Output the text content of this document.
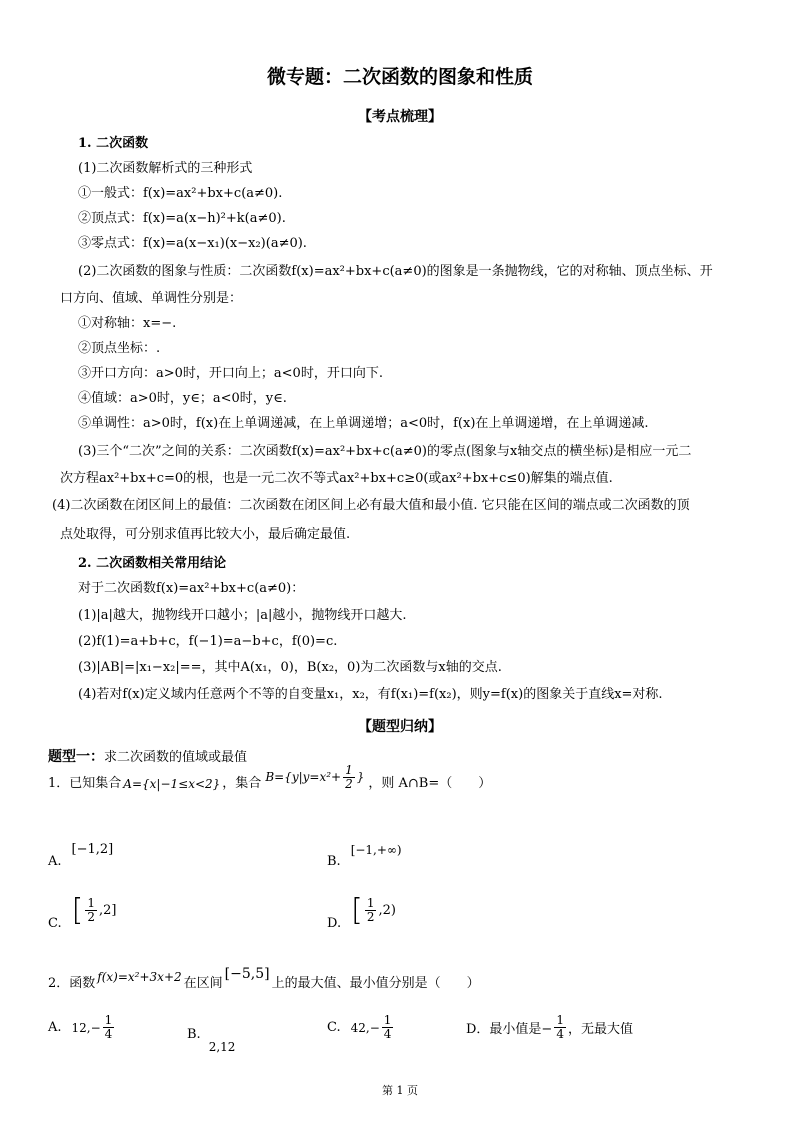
微专题：二次函数的图象和性质
【考点梳理】
1. 二次函数
(1)二次函数解析式的三种形式
①一般式：f(x)=ax²+bx+c(a≠0).
②顶点式：f(x)=a(x−h)²+k(a≠0).
③零点式：f(x)=a(x−x₁)(x−x₂)(a≠0).
(2)二次函数的图象与性质：二次函数f(x)=ax²+bx+c(a≠0)的图象是一条抛物线，它的对称轴、顶点坐标、开
口方向、值域、单调性分别是：
①对称轴：x=−.
②顶点坐标：.
③开口方向：a>0时，开口向上；a<0时，开口向下.
④值域：a>0时，y∈；a<0时，y∈.
⑤单调性：a>0时，f(x)在上单调递减，在上单调递增；a<0时，f(x)在上单调递增，在上单调递减.
(3)三个“二次”之间的关系：二次函数f(x)=ax²+bx+c(a≠0)的零点(图象与x轴交点的横坐标)是相应一元二
次方程ax²+bx+c=0的根，也是一元二次不等式ax²+bx+c≥0(或ax²+bx+c≤0)解集的端点值.
(4)二次函数在闭区间上的最值：二次函数在闭区间上必有最大值和最小值. 它只能在区间的端点或二次函数的顶
点处取得，可分别求值再比较大小，最后确定最值.
2. 二次函数相关常用结论
对于二次函数f(x)=ax²+bx+c(a≠0)：
(1)|a|越大，抛物线开口越小；|a|越小，抛物线开口越大.
(2)f(1)=a+b+c，f(−1)=a−b+c，f(0)=c.
(3)|AB|=|x₁−x₂|==，其中A(x₁，0)，B(x₂，0)为二次函数与x轴的交点.
(4)若对f(x)定义域内任意两个不等的自变量x₁，x₂，有f(x₁)=f(x₂)，则y=f(x)的图象关于直线x=对称.
【题型归纳】
题型一：求二次函数的值域或最值
1．已知集合 A={x|−1≤x<2} ，集合 $B=\{y|y=x^2+ \frac{1}{2}$ } ，则 A∩B=（　　）
A.
[−1,2]
B.
[−1,+∞)
C. [ $\frac{1}{2} ,2$]
D. [ $\frac{1}{2} ,2$)
2．函数 f(x)=x²+3x+2 在区间
[−5,5]
上的最大值、最小值分别是（　　）
A. $12,- \frac{1}{4}$	B.
2,12
C. $42,- \frac{1}{4}$	D．最小值是− $\frac{1}{4}$ ，无最大值
第 1 页
